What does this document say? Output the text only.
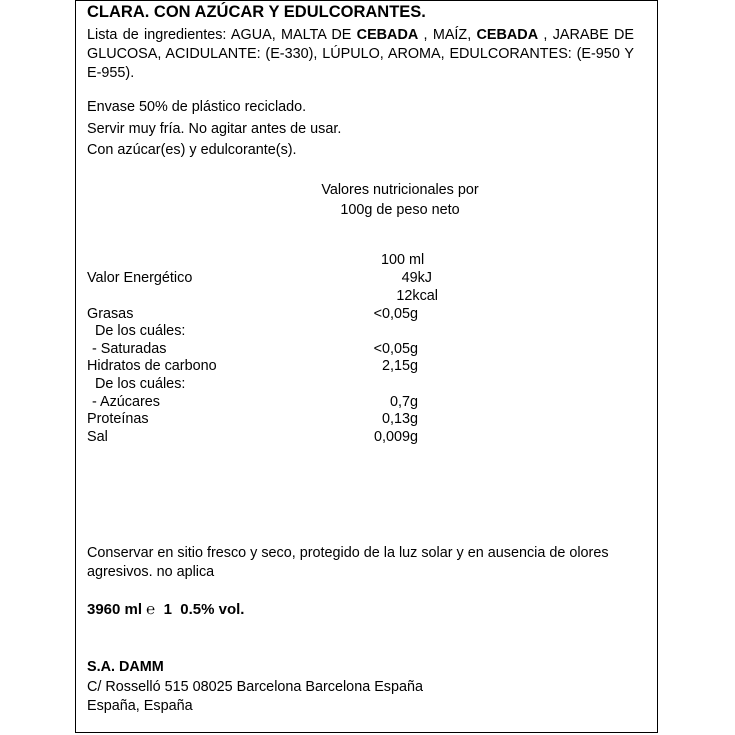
CLARA. CON AZÚCAR Y EDULCORANTES.
Lista de ingredientes: AGUA, MALTA DE CEBADA , MAÍZ, CEBADA , JARABE DE GLUCOSA, ACIDULANTE: (E-330), LÚPULO, AROMA, EDULCORANTES: (E-950 Y E-955).
Envase 50% de plástico reciclado.
Servir muy fría. No agitar antes de usar.
Con azúcar(es) y edulcorante(s).
Valores nutricionales por
100g de peso neto
100 ml
Valor Energético	49kJ
12kcal
Grasas	<0,05g
De los cuáles:
- Saturadas	<0,05g
Hidratos de carbono	2,15g
De los cuáles:
- Azúcares	0,7g
Proteínas	0,13g
Sal	0,009g
Conservar en sitio fresco y seco, protegido de la luz solar y en ausencia de olores
agresivos. no aplica
3960 ml ℮ 1 0.5% vol.
S.A. DAMM
C/ Rosselló 515 08025 Barcelona Barcelona España
España, España
